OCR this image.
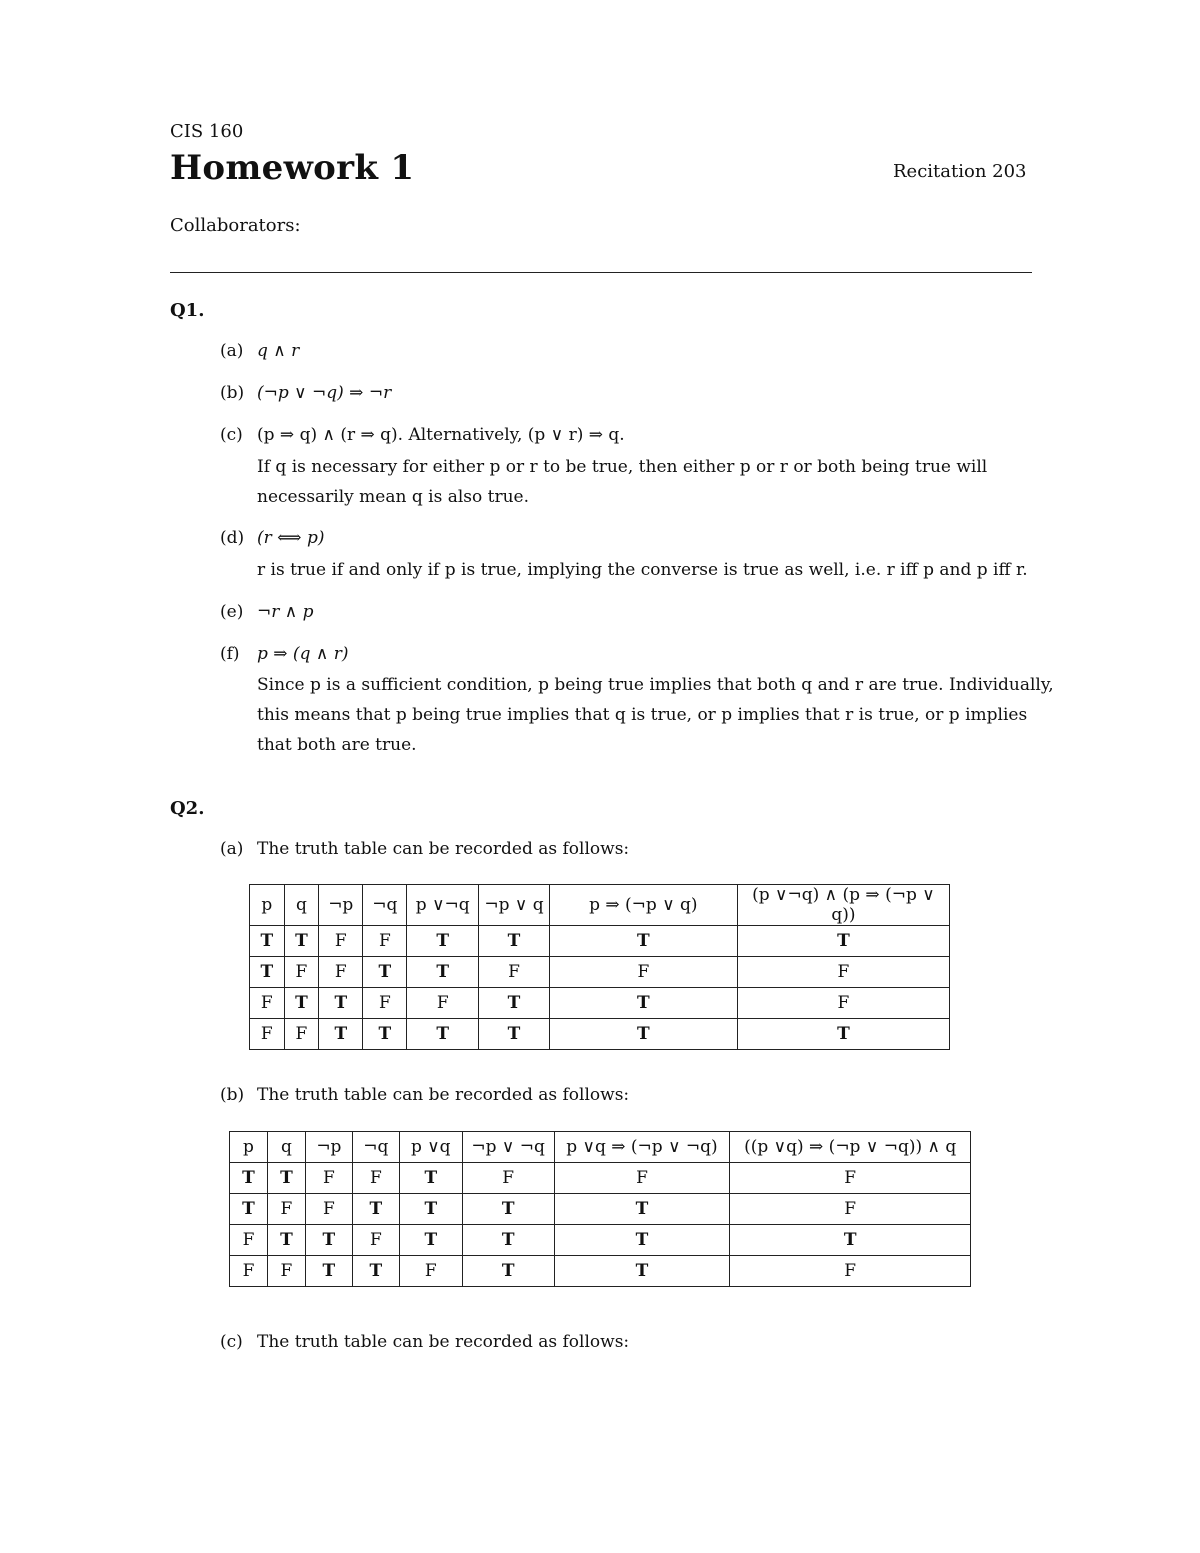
CIS 160
Homework 1	Recitation 203
Collaborators:
Q1.
(a) q ∧ r
(b) (¬p ∨ ¬q) ⇒ ¬r
(c) (p ⇒ q) ∧ (r ⇒ q). Alternatively, (p ∨ r) ⇒ q.
If q is necessary for either p or r to be true, then either p or r or both being true will
necessarily mean q is also true.
(d) (r ⟺ p)
r is true if and only if p is true, implying the converse is true as well, i.e. r iff p and p iff r.
(e) ¬r ∧ p
(f) p ⇒ (q ∧ r)
Since p is a sufficient condition, p being true implies that both q and r are true. Individually,
this means that p being true implies that q is true, or p implies that r is true, or p implies
that both are true.
Q2.
(a) The truth table can be recorded as follows:
p	q	¬p	¬q	p ∨¬q	¬p ∨ q	p ⇒ (¬p ∨ q)	(p ∨¬q) ∧ (p ⇒ (¬p ∨ q))
T	T	F	F	T	T	T	T
T	F	F	T	T	F	F	F
F	T	T	F	F	T	T	F
F	F	T	T	T	T	T	T
(b) The truth table can be recorded as follows:
p	q	¬p	¬q	p ∨q	¬p ∨ ¬q	p ∨q ⇒ (¬p ∨ ¬q)	((p ∨q) ⇒ (¬p ∨ ¬q)) ∧ q
T	T	F	F	T	F	F	F
T	F	F	T	T	T	T	F
F	T	T	F	T	T	T	T
F	F	T	T	F	T	T	F
(c) The truth table can be recorded as follows:
